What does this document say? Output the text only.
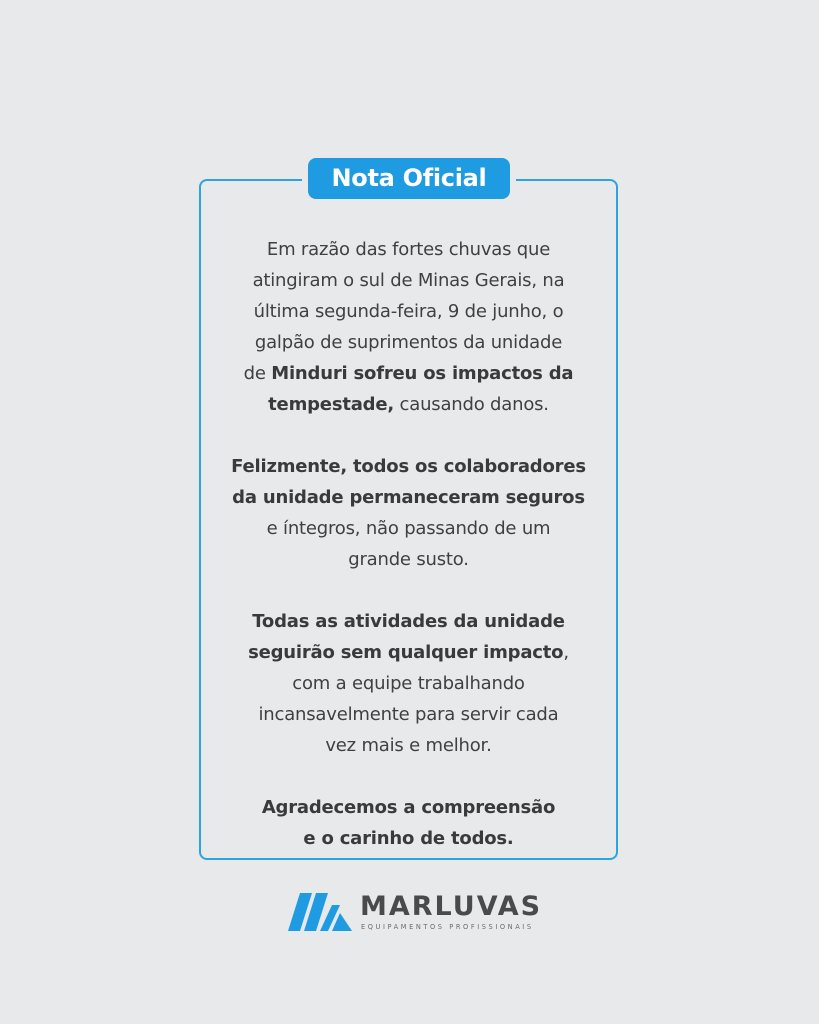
Nota Oficial

Em razão das fortes chuvas que
atingiram o sul de Minas Gerais, na
última segunda-feira, 9 de junho, o
galpão de suprimentos da unidade
de Minduri sofreu os impactos da
tempestade, causando danos.

Felizmente, todos os colaboradores
da unidade permaneceram seguros
e íntegros, não passando de um
grande susto.

Todas as atividades da unidade
seguirão sem qualquer impacto,
com a equipe trabalhando
incansavelmente para servir cada
vez mais e melhor.

Agradecemos a compreensão
e o carinho de todos.

MARLUVAS
EQUIPAMENTOS PROFISSIONAIS
